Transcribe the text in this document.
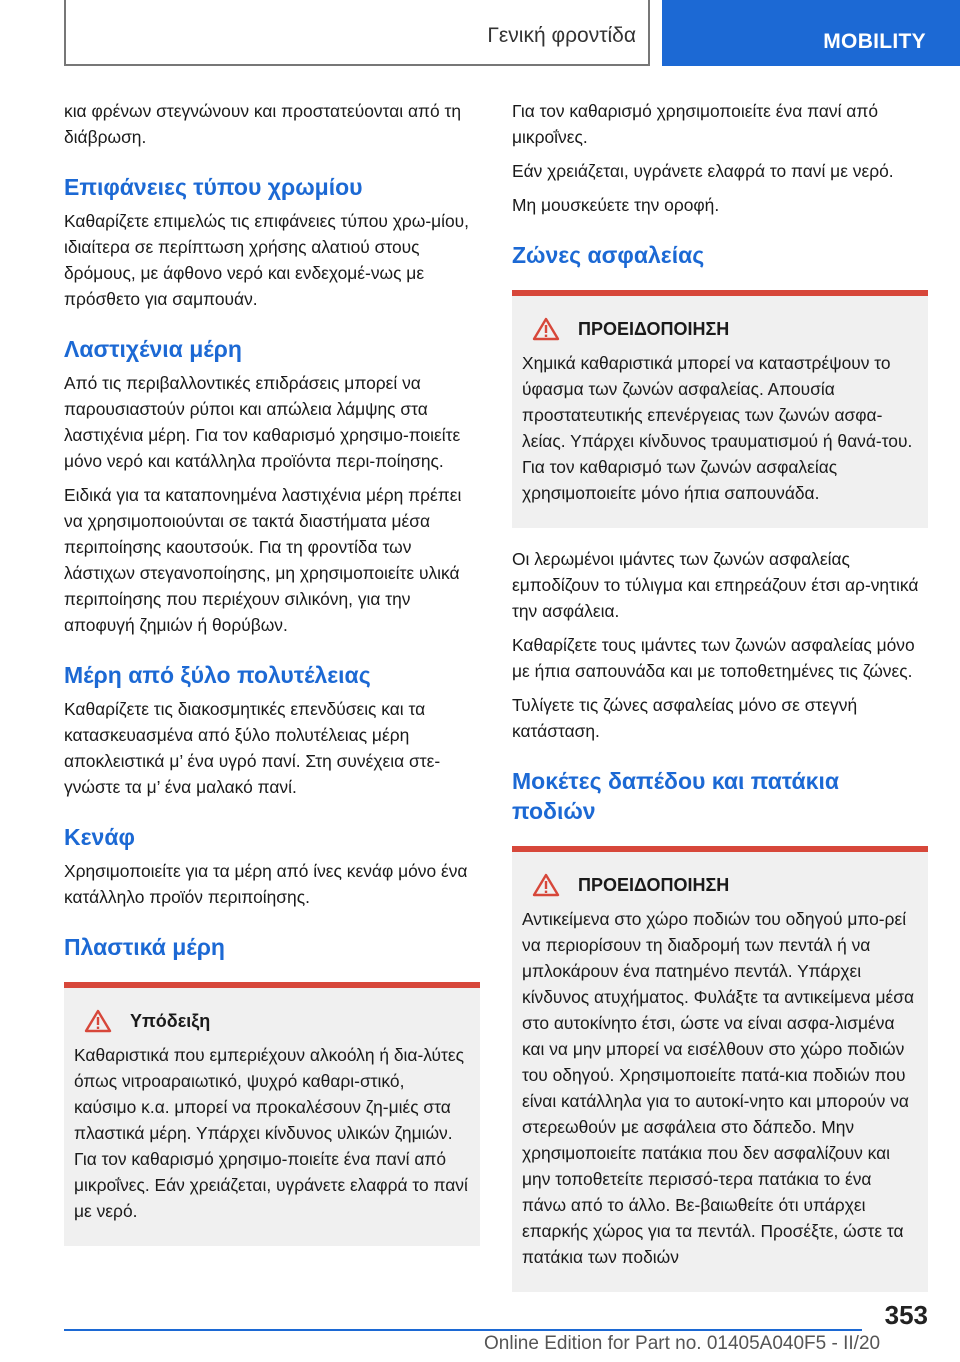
Γενική φροντίδα	MOBILITY

κια φρένων στεγνώνουν και προστατεύονται από τη διάβρωση.

Επιφάνειες τύπου χρωμίου

Καθαρίζετε επιμελώς τις επιφάνειες τύπου χρω‐μίου, ιδιαίτερα σε περίπτωση χρήσης αλατιού στους δρόμους, με άφθονο νερό και ενδεχομέ‐νως με πρόσθετο για σαμπουάν.

Λαστιχένια μέρη

Από τις περιβαλλοντικές επιδράσεις μπορεί να παρουσιαστούν ρύποι και απώλεια λάμψης στα λαστιχένια μέρη. Για τον καθαρισμό χρησιμο‐ποιείτε μόνο νερό και κατάλληλα προϊόντα περι‐ποίησης.

Ειδικά για τα καταπονημένα λαστιχένια μέρη πρέπει να χρησιμοποιούνται σε τακτά διαστήματα μέσα περιποίησης καουτσούκ. Για τη φροντίδα των λάστιχων στεγανοποίησης, μη χρησιμοποιείτε υλικά περιποίησης που περιέχουν σιλικόνη, για την αποφυγή ζημιών ή θορύβων.

Μέρη από ξύλο πολυτέλειας

Καθαρίζετε τις διακοσμητικές επενδύσεις και τα κατασκευασμένα από ξύλο πολυτέλειας μέρη αποκλειστικά μ’ ένα υγρό πανί. Στη συνέχεια στε‐γνώστε τα μ’ ένα μαλακό πανί.

Κενάφ

Χρησιμοποιείτε για τα μέρη από ίνες κενάφ μόνο ένα κατάλληλο προϊόν περιποίησης.

Πλαστικά μέρη
Υπόδειξη

Καθαριστικά που εμπεριέχουν αλκοόλη ή δια‐λύτες όπως νιτροαραιωτικό, ψυχρό καθαρι‐στικό, καύσιμο κ.α. μπορεί να προκαλέσουν ζη‐μιές στα πλαστικά μέρη. Υπάρχει κίνδυνος υλικών ζημιών. Για τον καθαρισμό χρησιμο‐ποιείτε ένα πανί από μικροΐνες. Εάν χρειάζεται, υγράνετε ελαφρά το πανί με νερό.

Για τον καθαρισμό χρησιμοποιείτε ένα πανί από μικροΐνες.

Εάν χρειάζεται, υγράνετε ελαφρά το πανί με νερό.

Μη μουσκεύετε την οροφή.

Ζώνες ασφαλείας
ΠΡΟΕΙΔΟΠΟΙΗΣΗ

Χημικά καθαριστικά μπορεί να καταστρέψουν το ύφασμα των ζωνών ασφαλείας. Απουσία προστατευτικής επενέργειας των ζωνών ασφα‐λείας. Υπάρχει κίνδυνος τραυματισμού ή θανά‐του. Για τον καθαρισμό των ζωνών ασφαλείας χρησιμοποιείτε μόνο ήπια σαπουνάδα.

Οι λερωμένοι ιμάντες των ζωνών ασφαλείας εμποδίζουν το τύλιγμα και επηρεάζουν έτσι αρ‐νητικά την ασφάλεια.

Καθαρίζετε τους ιμάντες των ζωνών ασφαλείας μόνο με ήπια σαπουνάδα και με τοποθετημένες τις ζώνες.

Τυλίγετε τις ζώνες ασφαλείας μόνο σε στεγνή κατάσταση.

Μοκέτες δαπέδου και πατάκια ποδιών
ΠΡΟΕΙΔΟΠΟΙΗΣΗ

Αντικείμενα στο χώρο ποδιών του οδηγού μπο‐ρεί να περιορίσουν τη διαδρομή των πεντάλ ή να μπλοκάρουν ένα πατημένο πεντάλ. Υπάρχει κίνδυνος ατυχήματος. Φυλάξτε τα αντικείμενα μέσα στο αυτοκίνητο έτσι, ώστε να είναι ασφα‐λισμένα και να μην μπορεί να εισέλθουν στο χώρο ποδιών του οδηγού. Χρησιμοποιείτε πατά‐κια ποδιών που είναι κατάλληλα για το αυτοκί‐νητο και μπορούν να στερεωθούν με ασφάλεια στο δάπεδο. Μην χρησιμοποιείτε πατάκια που δεν ασφαλίζουν και μην τοποθετείτε περισσό‐τερα πατάκια το ένα πάνω από το άλλο. Βε‐βαιωθείτε ότι υπάρχει επαρκής χώρος για τα πεντάλ. Προσέξτε, ώστε τα πατάκια των ποδιών

353
Online Edition for Part no. 01405A040F5 - II/20
